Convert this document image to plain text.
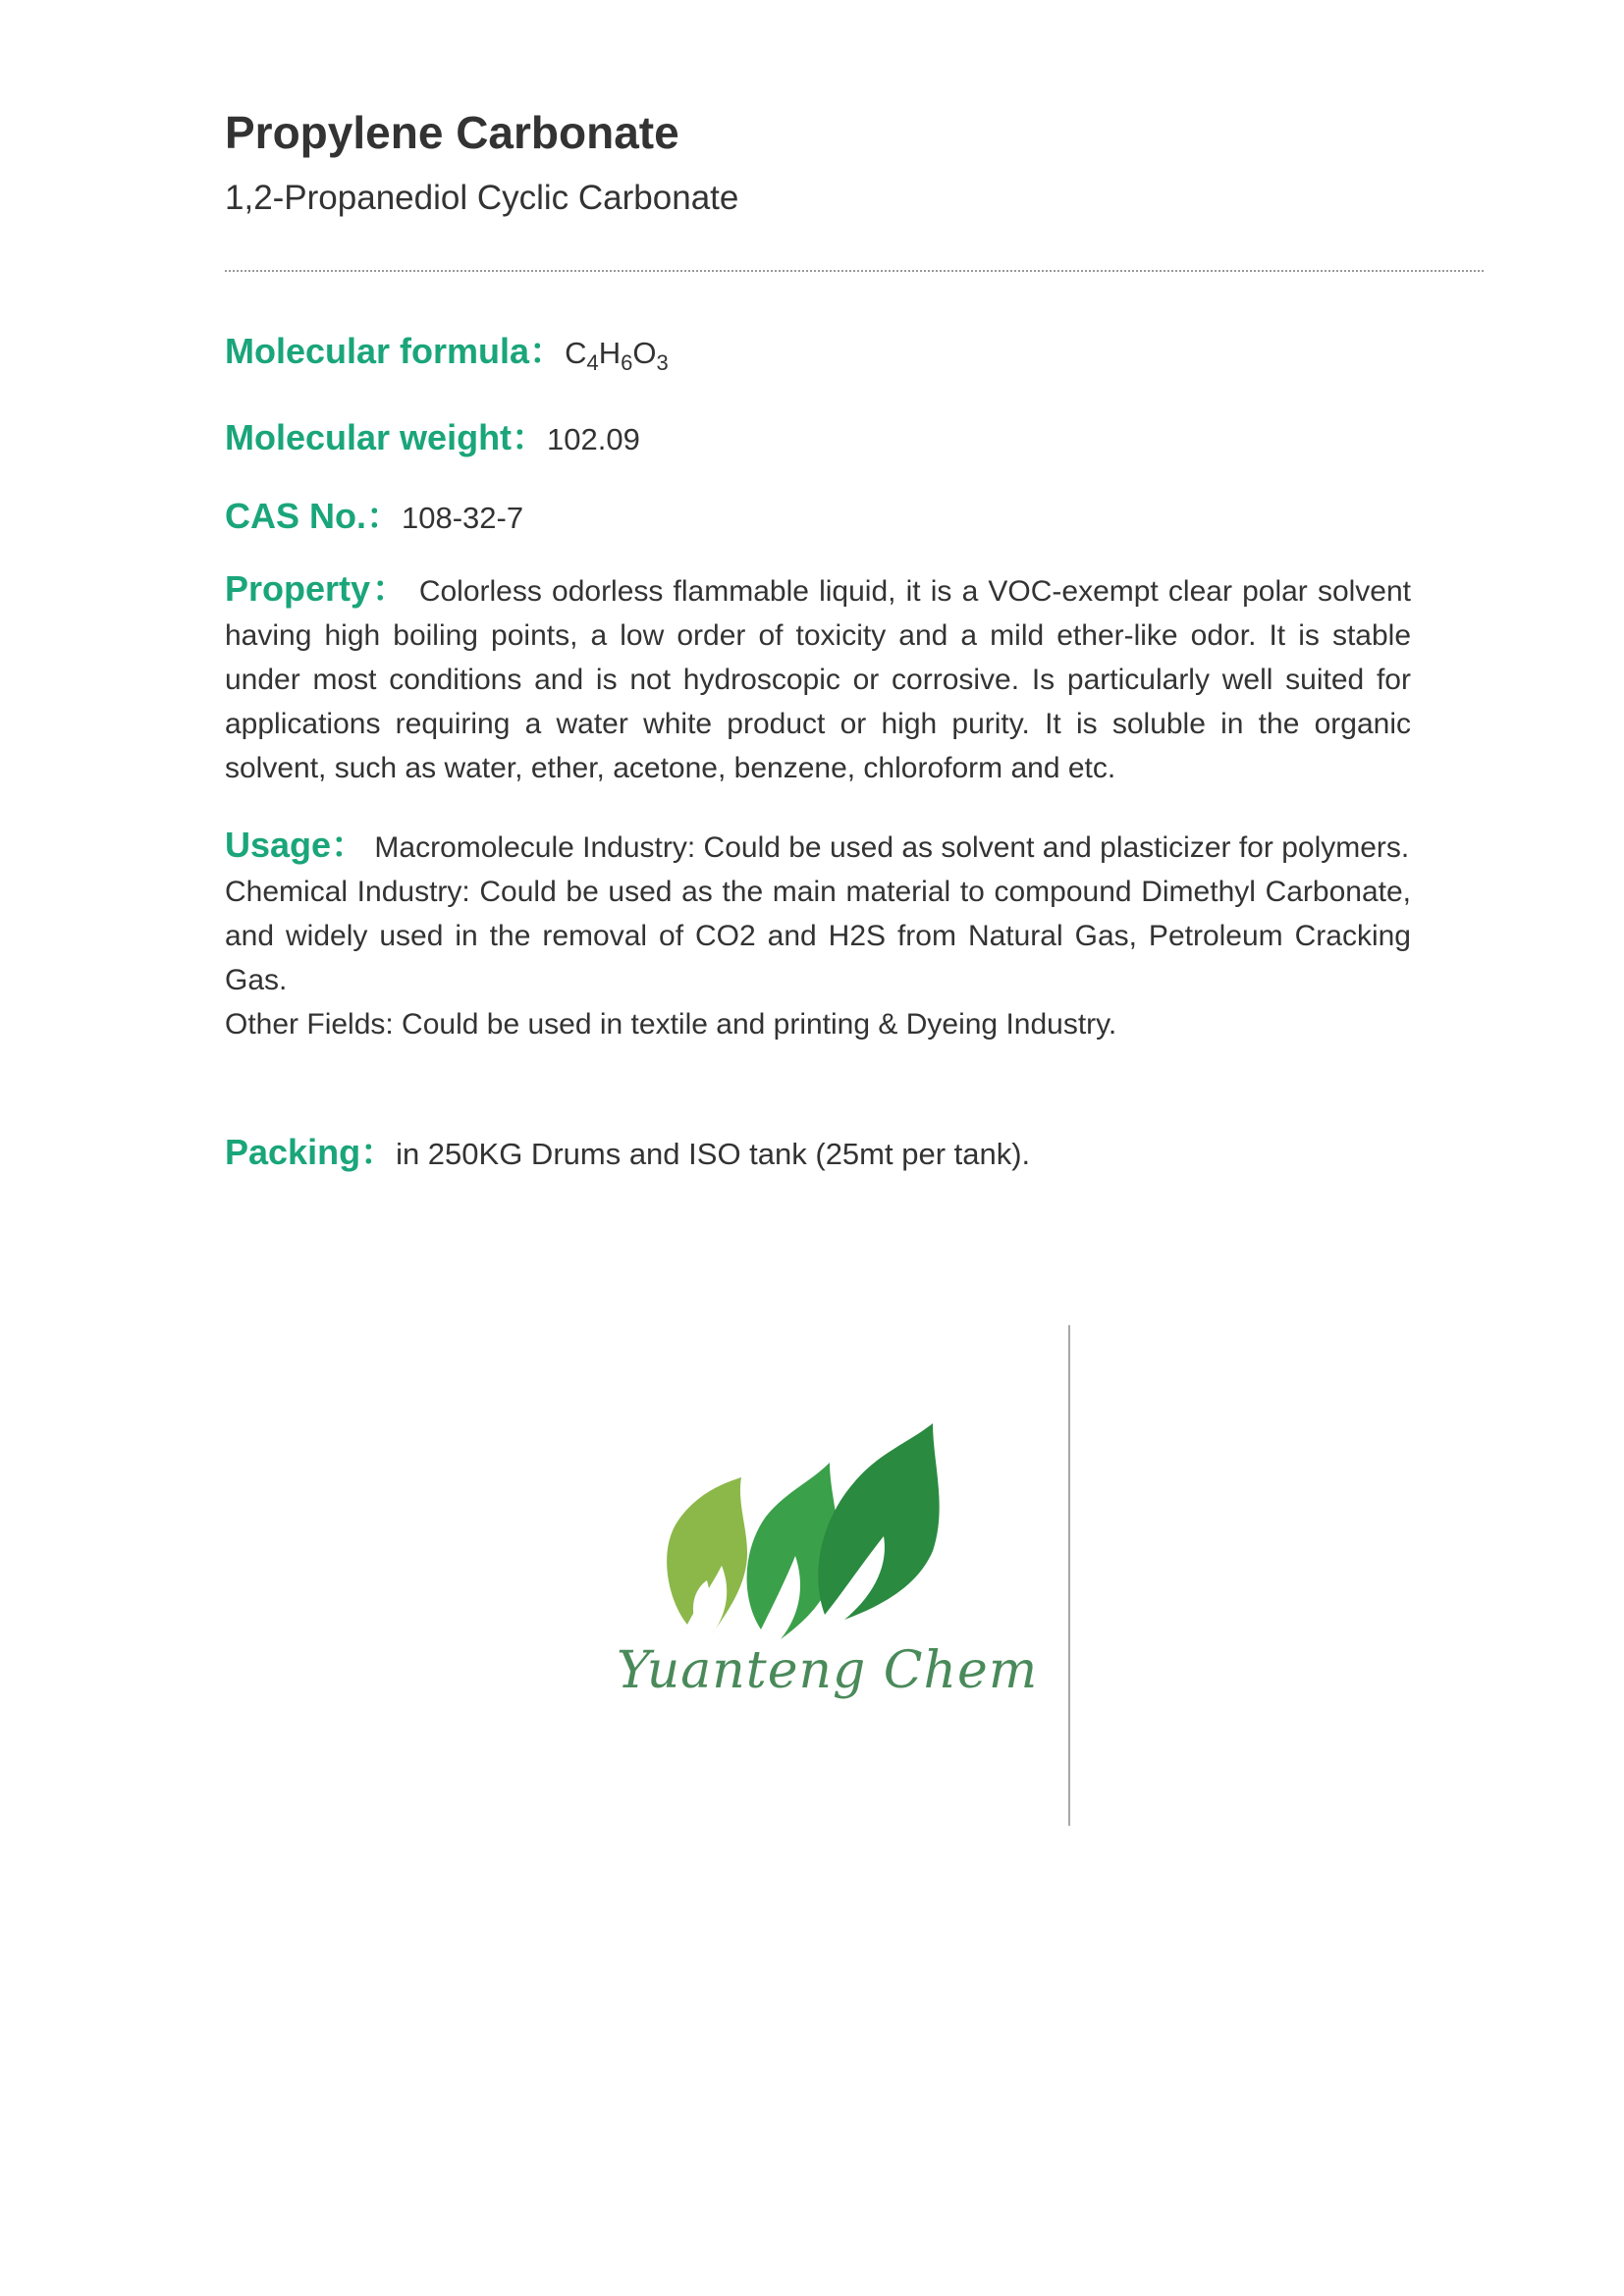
Propylene Carbonate
1,2-Propanediol Cyclic Carbonate
Molecular formula：$C_4H_6O_3$
Molecular weight：102.09
CAS No.：108-32-7
Property： Colorless odorless flammable liquid, it is a VOC-exempt clear polar solvent having high boiling points, a low order of toxicity and a mild ether-like odor. It is stable under most conditions and is not hydroscopic or corrosive. Is particularly well suited for applications requiring a water white product or high purity. It is soluble in the organic solvent, such as water, ether, acetone, benzene, chloroform and etc.

Usage： Macromolecule Industry: Could be used as solvent and plasticizer for polymers.

Chemical Industry: Could be used as the main material to compound Dimethyl Carbonate, and widely used in the removal of CO2 and H2S from Natural Gas, Petroleum Cracking Gas.

Other Fields: Could be used in textile and printing & Dyeing Industry.

Packing：in 250KG Drums and ISO tank (25mt per tank).
Yuanteng Chem
